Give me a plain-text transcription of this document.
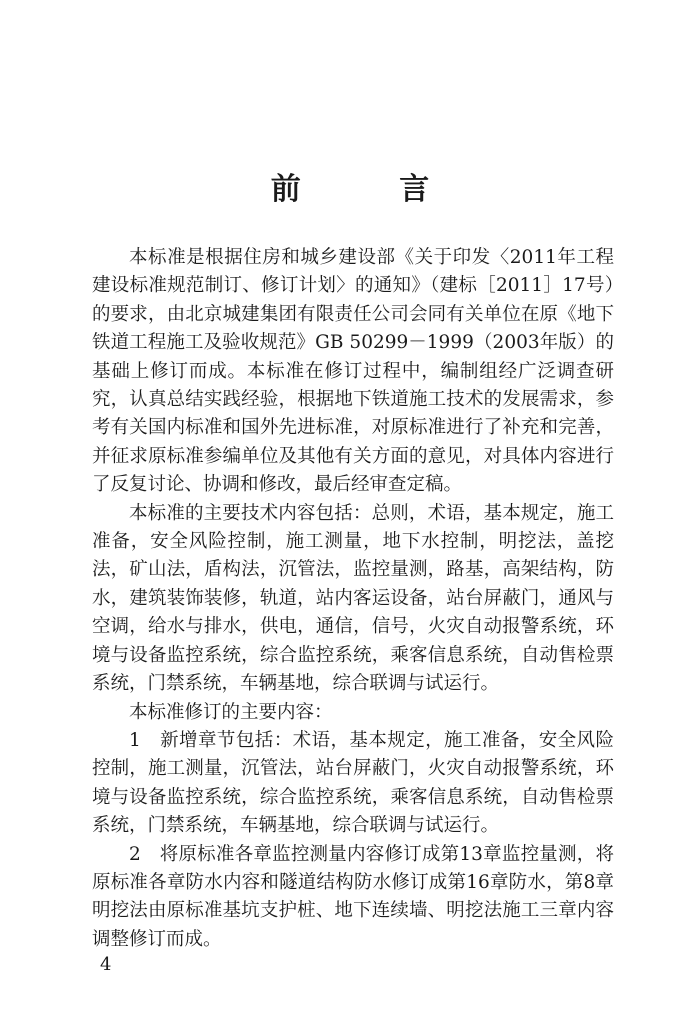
前 言

本标准是根据住房和城乡建设部《关于印发〈2011年工程建设标准规范制订、修订计划〉的通知》（建标［2011］17号）的要求，由北京城建集团有限责任公司会同有关单位在原《地下铁道工程施工及验收规范》GB 50299－1999（2003年版）的基础上修订而成。本标准在修订过程中，编制组经广泛调查研究，认真总结实践经验，根据地下铁道施工技术的发展需求，参考有关国内标准和国外先进标准，对原标准进行了补充和完善，并征求原标准参编单位及其他有关方面的意见，对具体内容进行了反复讨论、协调和修改，最后经审查定稿。

本标准的主要技术内容包括：总则，术语，基本规定，施工准备，安全风险控制，施工测量，地下水控制，明挖法，盖挖法，矿山法，盾构法，沉管法，监控量测，路基，高架结构，防水，建筑装饰装修，轨道，站内客运设备，站台屏蔽门，通风与空调，给水与排水，供电，通信，信号，火灾自动报警系统，环境与设备监控系统，综合监控系统，乘客信息系统，自动售检票系统，门禁系统，车辆基地，综合联调与试运行。

本标准修订的主要内容：

1　新增章节包括：术语，基本规定，施工准备，安全风险控制，施工测量，沉管法，站台屏蔽门，火灾自动报警系统，环境与设备监控系统，综合监控系统，乘客信息系统，自动售检票系统，门禁系统，车辆基地，综合联调与试运行。

2　将原标准各章监控测量内容修订成第13章监控量测，将原标准各章防水内容和隧道结构防水修订成第16章防水，第8章明挖法由原标准基坑支护桩、地下连续墙、明挖法施工三章内容调整修订而成。

4
